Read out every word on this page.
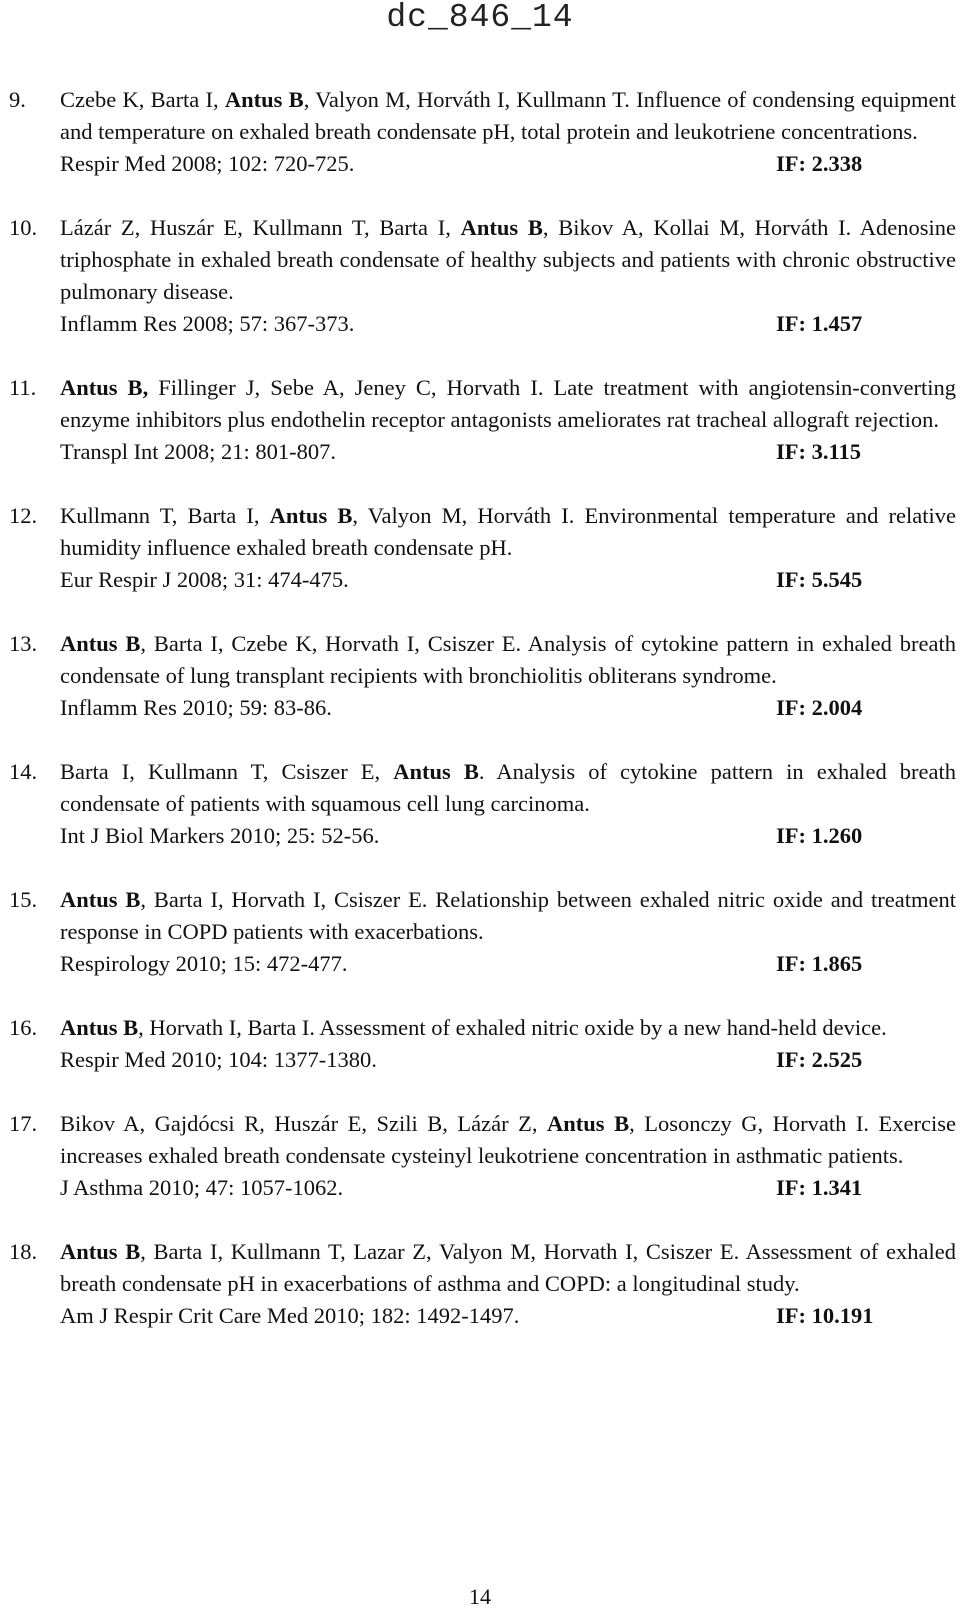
dc_846_14
9. Czebe K, Barta I, Antus B, Valyon M, Horváth I, Kullmann T. Influence of condensing equipment and temperature on exhaled breath condensate pH, total protein and leukotriene concentrations.
Respir Med 2008; 102: 720-725.	IF: 2.338
10. Lázár Z, Huszár E, Kullmann T, Barta I, Antus B, Bikov A, Kollai M, Horváth I. Adenosine triphosphate in exhaled breath condensate of healthy subjects and patients with chronic obstructive pulmonary disease.
Inflamm Res 2008; 57: 367-373.	IF: 1.457
11. Antus B, Fillinger J, Sebe A, Jeney C, Horvath I. Late treatment with angiotensin-converting enzyme inhibitors plus endothelin receptor antagonists ameliorates rat tracheal allograft rejection.
Transpl Int 2008; 21: 801-807.	IF: 3.115
12. Kullmann T, Barta I, Antus B, Valyon M, Horváth I. Environmental temperature and relative humidity influence exhaled breath condensate pH.
Eur Respir J 2008; 31: 474-475.	IF: 5.545
13. Antus B, Barta I, Czebe K, Horvath I, Csiszer E. Analysis of cytokine pattern in exhaled breath condensate of lung transplant recipients with bronchiolitis obliterans syndrome.
Inflamm Res 2010; 59: 83-86.	IF: 2.004
14. Barta I, Kullmann T, Csiszer E, Antus B. Analysis of cytokine pattern in exhaled breath condensate of patients with squamous cell lung carcinoma.
Int J Biol Markers 2010; 25: 52-56.	IF: 1.260
15. Antus B, Barta I, Horvath I, Csiszer E. Relationship between exhaled nitric oxide and treatment response in COPD patients with exacerbations.
Respirology 2010; 15: 472-477.	IF: 1.865
16. Antus B, Horvath I, Barta I. Assessment of exhaled nitric oxide by a new hand-held device.
Respir Med 2010; 104: 1377-1380.	IF: 2.525
17. Bikov A, Gajdócsi R, Huszár E, Szili B, Lázár Z, Antus B, Losonczy G, Horvath I. Exercise increases exhaled breath condensate cysteinyl leukotriene concentration in asthmatic patients.
J Asthma 2010; 47: 1057-1062.	IF: 1.341
18. Antus B, Barta I, Kullmann T, Lazar Z, Valyon M, Horvath I, Csiszer E. Assessment of exhaled breath condensate pH in exacerbations of asthma and COPD: a longitudinal study.
Am J Respir Crit Care Med 2010; 182: 1492-1497.	IF: 10.191
14
